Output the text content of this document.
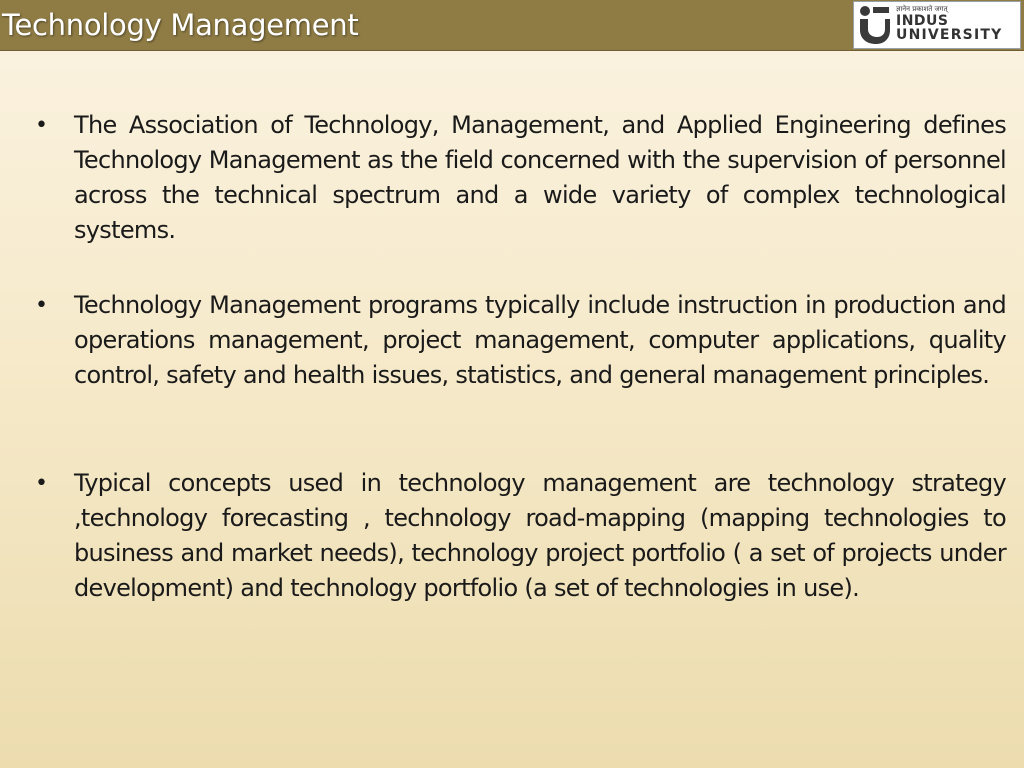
Technology Management	ज्ञानेन प्रकाशते जगत्
INDUS
UNIVERSITY
• The Association of Technology, Management, and Applied Engineering defines Technology Management as the field concerned with the supervision of personnel across the technical spectrum and a wide variety of complex technological systems.
• Technology Management programs typically include instruction in production and operations management, project management, computer applications, quality control, safety and health issues, statistics, and general management principles.
• Typical concepts used in technology management are technology strategy ,technology forecasting , technology road-mapping (mapping technologies to business and market needs), technology project portfolio ( a set of projects under development) and technology portfolio (a set of technologies in use).
